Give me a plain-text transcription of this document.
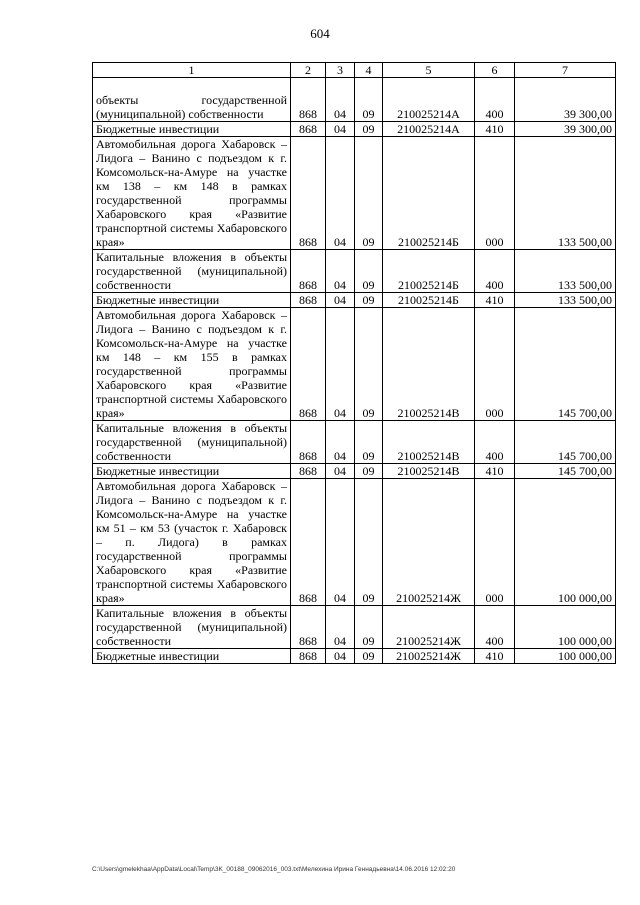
604
1	2	3	4	5	6	7
объекты государственной (муниципальной) собственности	868	04	09	210025214А	400	39 300,00
Бюджетные инвестиции	868	04	09	210025214А	410	39 300,00
Автомобильная дорога Хабаровск – Лидога – Ванино с подъездом к г. Комсомольск-на-Амуре на участке км 138 – км 148 в рамках государственной программы Хабаровского края «Развитие транспортной системы Хабаровского края»	868	04	09	210025214Б	000	133 500,00
Капитальные вложения в объекты государственной (муниципальной) собственности	868	04	09	210025214Б	400	133 500,00
Бюджетные инвестиции	868	04	09	210025214Б	410	133 500,00
Автомобильная дорога Хабаровск – Лидога – Ванино с подъездом к г. Комсомольск-на-Амуре на участке км 148 – км 155 в рамках государственной программы Хабаровского края «Развитие транспортной системы Хабаровского края»	868	04	09	210025214В	000	145 700,00
Капитальные вложения в объекты государственной (муниципальной) собственности	868	04	09	210025214В	400	145 700,00
Бюджетные инвестиции	868	04	09	210025214В	410	145 700,00
Автомобильная дорога Хабаровск – Лидога – Ванино с подъездом к г. Комсомольск-на-Амуре на участке км 51 – км 53 (участок г. Хабаровск – п. Лидога) в рамках государственной программы Хабаровского края «Развитие транспортной системы Хабаровского края»	868	04	09	210025214Ж	000	100 000,00
Капитальные вложения в объекты государственной (муниципальной) собственности	868	04	09	210025214Ж	400	100 000,00
Бюджетные инвестиции	868	04	09	210025214Ж	410	100 000,00
C:\Users\gmelekhaa\AppData\Local\Temp\3K_00188_09062016_003.txt\Мелехина Ирина Геннадьевна\14.06.2016 12:02:20
